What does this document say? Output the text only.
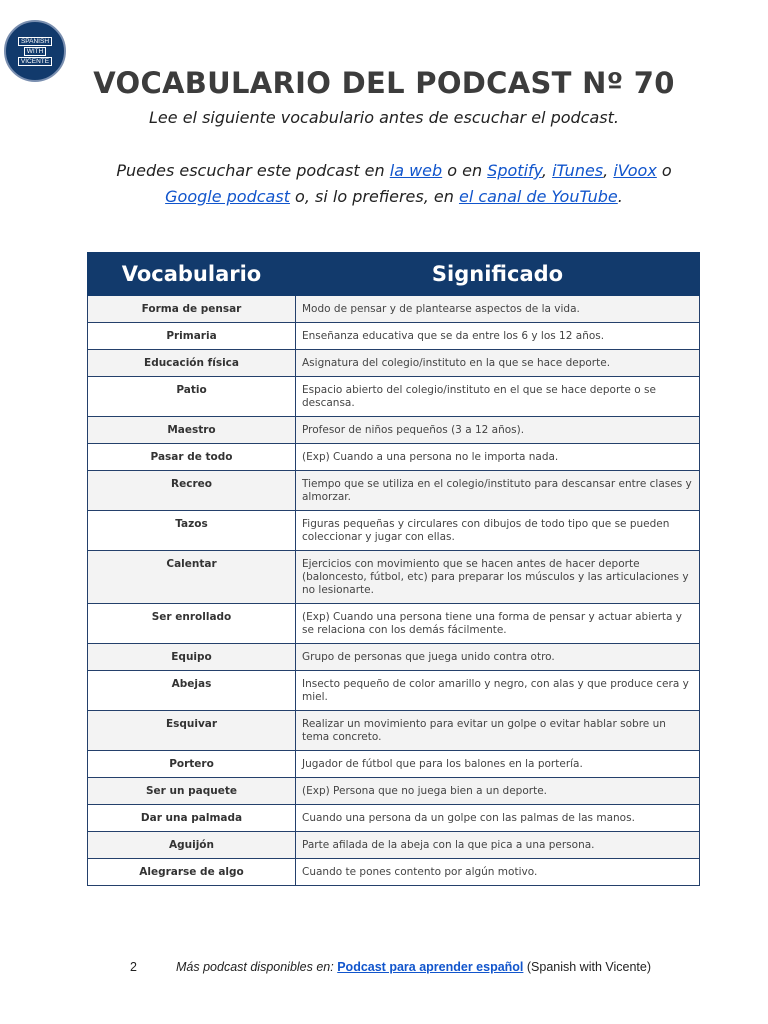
SPANISH
WITH
VICENTE
VOCABULARIO DEL PODCAST Nº 70
Lee el siguiente vocabulario antes de escuchar el podcast.
Puedes escuchar este podcast en la web o en Spotify, iTunes, iVoox o Google podcast o, si lo prefieres, en el canal de YouTube.
Vocabulario	Significado
Forma de pensar	Modo de pensar y de plantearse aspectos de la vida.
Primaria	Enseñanza educativa que se da entre los 6 y los 12 años.
Educación física	Asignatura del colegio/instituto en la que se hace deporte.
Patio	Espacio abierto del colegio/instituto en el que se hace deporte o se descansa.
Maestro	Profesor de niños pequeños (3 a 12 años).
Pasar de todo	(Exp) Cuando a una persona no le importa nada.
Recreo	Tiempo que se utiliza en el colegio/instituto para descansar entre clases y almorzar.
Tazos	Figuras pequeñas y circulares con dibujos de todo tipo que se pueden coleccionar y jugar con ellas.
Calentar	Ejercicios con movimiento que se hacen antes de hacer deporte (baloncesto, fútbol, etc) para preparar los músculos y las articulaciones y no lesionarte.
Ser enrollado	(Exp) Cuando una persona tiene una forma de pensar y actuar abierta y se relaciona con los demás fácilmente.
Equipo	Grupo de personas que juega unido contra otro.
Abejas	Insecto pequeño de color amarillo y negro, con alas y que produce cera y miel.
Esquivar	Realizar un movimiento para evitar un golpe o evitar hablar sobre un tema concreto.
Portero	Jugador de fútbol que para los balones en la portería.
Ser un paquete	(Exp) Persona que no juega bien a un deporte.
Dar una palmada	Cuando una persona da un golpe con las palmas de las manos.
Aguijón	Parte afilada de la abeja con la que pica a una persona.
Alegrarse de algo	Cuando te pones contento por algún motivo.
2	Más podcast disponibles en: Podcast para aprender español (Spanish with Vicente)
